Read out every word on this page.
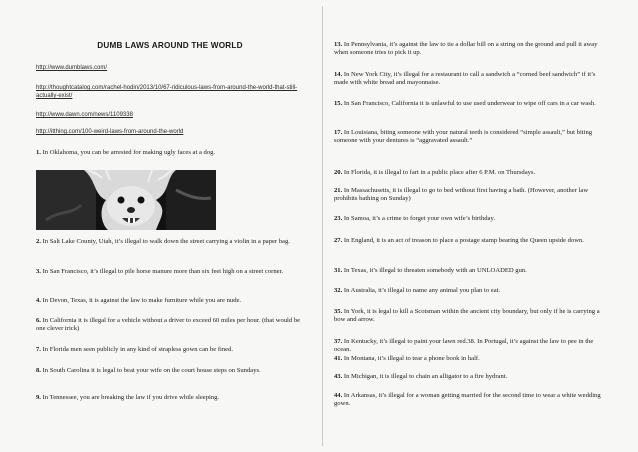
DUMB LAWS AROUND THE WORLD
http://www.dumblaws.com/
http://thoughtcatalog.com/rachel-hodin/2013/10/67-ridiculous-laws-from-around-the-world-that-still-actually-exist/
http://www.dawn.com/news/1109338
http://itthing.com/100-weird-laws-from-around-the-world
1. In Oklahoma, you can be arrested for making ugly faces at a dog.
2. In Salt Lake County, Utah, it’s illegal to walk down the street carrying a violin in a paper bag.
3. In San Francisco, it’s illegal to pile horse manure more than six feet high on a street corner.
4. In Devon, Texas, it is against the law to make furniture while you are nude.
6. In California it is illegal for a vehicle without a driver to exceed 60 miles per hour. (that would be one clever trick)
7. In Florida men seen publicly in any kind of strapless gown can be fined.
8. In South Carolina it is legal to beat your wife on the court house steps on Sundays.
9. In Tennessee, you are breaking the law if you drive while sleeping.
13. In Pennsylvania, it’s against the law to tie a dollar bill on a string on the ground and pull it away when someone tries to pick it up.
14. In New York City, it’s illegal for a restaurant to call a sandwich a “corned beef sandwich” if it’s made with white bread and mayonnaise.
15. In San Francisco, California it is unlawful to use used underwear to wipe off cars in a car wash.
17. In Louisiana, biting someone with your natural teeth is considered “simple assault,” but biting someone with your dentures is “aggravated assault.”
20. In Florida, it is illegal to fart in a public place after 6 P.M. on Thursdays.
21. In Massachusetts, it is illegal to go to bed without first having a bath. (However, another law prohibits bathing on Sunday)
23. In Samoa, it’s a crime to forget your own wife’s birthday.
27. In England, it is an act of treason to place a postage stamp bearing the Queen upside down.
31. In Texas, it’s illegal to threaten somebody with an UNLOADED gun.
32. In Australia, it’s illegal to name any animal you plan to eat.
35. In York, it is legal to kill a Scotsman within the ancient city boundary, but only if he is carrying a bow and arrow.
37. In Kentucky, it’s illegal to paint your lawn red.38. In Portugal, it’s against the law to pee in the ocean.
41. In Montana, it’s illegal to tear a phone book in half.
43. In Michigan, it is illegal to chain an alligator to a fire hydrant.
44. In Arkansas, it’s illegal for a woman getting married for the second time to wear a white wedding gown.
